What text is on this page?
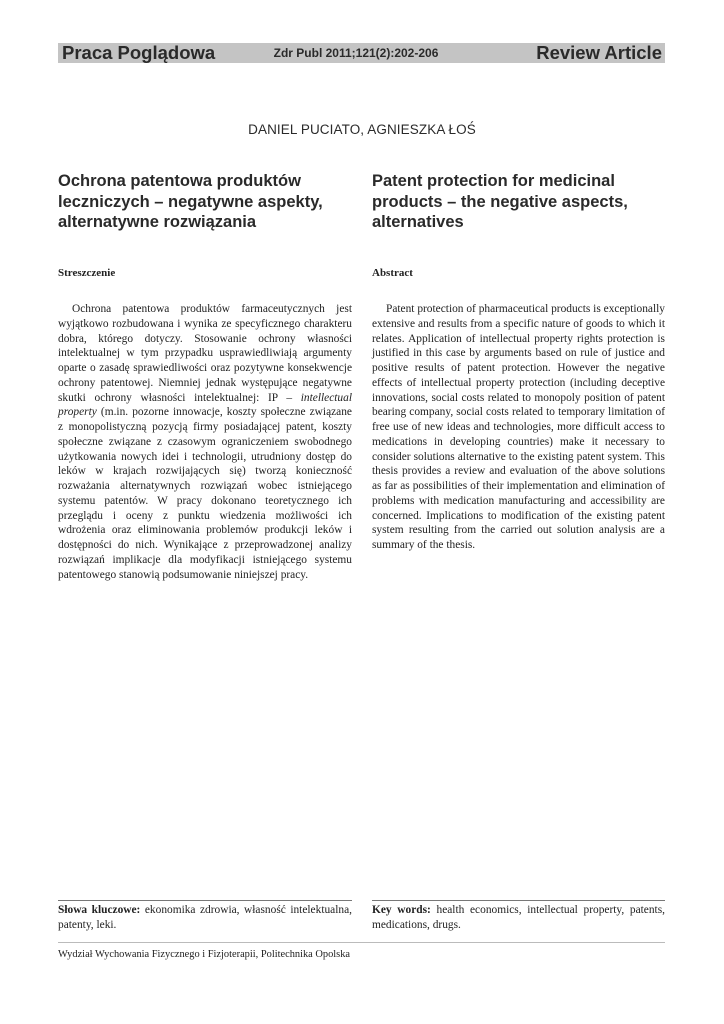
Praca Poglądowa	Zdr Publ 2011;121(2):202-206	Review Article
DANIEL PUCIATO, AGNIESZKA ŁOŚ
Ochrona patentowa produktów leczniczych – negatywne aspekty, alternatywne rozwiązania
Streszczenie

Ochrona patentowa produktów farmaceutycznych jest wyjątkowo rozbudowana i wynika ze specyficznego charakteru dobra, którego dotyczy. Stosowanie ochrony własności intelektualnej w tym przypadku usprawiedliwiają argumenty oparte o zasadę sprawiedliwości oraz pozytywne konsekwencje ochrony patentowej. Niemniej jednak występujące negatywne skutki ochrony własności intelektualnej: IP – intellectual property (m.in. pozorne innowacje, koszty społeczne związane z monopolistyczną pozycją firmy posiadającej patent, koszty społeczne związane z czasowym ograniczeniem swobodnego użytkowania nowych idei i technologii, utrudniony dostęp do leków w krajach rozwijających się) tworzą konieczność rozważania alternatywnych rozwiązań wobec istniejącego systemu patentów. W pracy dokonano teoretycznego ich przeglądu i oceny z punktu wiedzenia możliwości ich wdrożenia oraz eliminowania problemów produkcji leków i dostępności do nich. Wynikające z przeprowadzonej analizy rozwiązań implikacje dla modyfikacji istniejącego systemu patentowego stanowią podsumowanie niniejszej pracy.

Patent protection for medicinal products – the negative aspects, alternatives
Abstract

Patent protection of pharmaceutical products is exceptionally extensive and results from a specific nature of goods to which it relates. Application of intellectual property rights protection is justified in this case by arguments based on rule of justice and positive results of patent protection. However the negative effects of intellectual property protection (including deceptive innovations, social costs related to monopoly position of patent bearing company, social costs related to temporary limitation of free use of new ideas and technologies, more difficult access to medications in developing countries) make it necessary to consider solutions alternative to the existing patent system. This thesis provides a review and evaluation of the above solutions as far as possibilities of their implementation and elimination of problems with medication manufacturing and accessibility are concerned. Implications to modification of the existing patent system resulting from the carried out solution analysis are a summary of the thesis.

Słowa kluczowe: ekonomika zdrowia, własność intelektualna, patenty, leki.
Key words: health economics, intellectual property, patents, medications, drugs.
Wydział Wychowania Fizycznego i Fizjoterapii, Politechnika Opolska
